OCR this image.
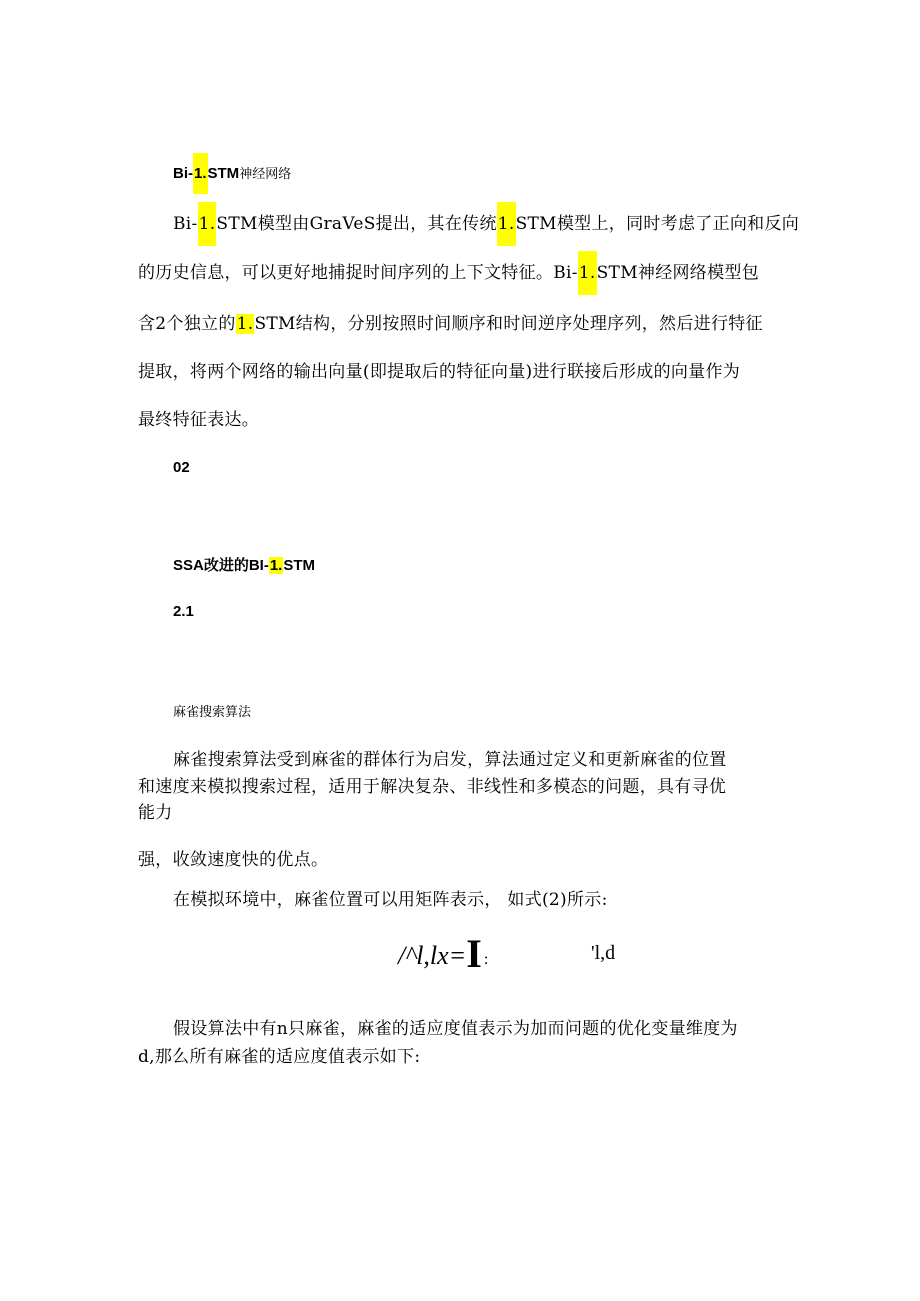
Bi-1.STM神经网络
Bi-1.STM模型由GraVeS提出，其在传统1.STM模型上，同时考虑了正向和反向
的历史信息，可以更好地捕捉时间序列的上下文特征。Bi-1.STM神经网络模型包
含2个独立的1.STM结构，分别按照时间顺序和时间逆序处理序列，然后进行特征
提取，将两个网络的输出向量(即提取后的特征向量)进行联接后形成的向量作为
最终特征表达。
02
SSA改进的BI-1.STM
2.1
麻雀搜索算法
麻雀搜索算法受到麻雀的群体行为启发，算法通过定义和更新麻雀的位置
和速度来模拟搜索过程，适用于解决复杂、非线性和多模态的问题，具有寻优
能力
强，收敛速度快的优点。
在模拟环境中，麻雀位置可以用矩阵表示， 如式(2)所示:
/^l,lx=I :	'l,d
假设算法中有n只麻雀，麻雀的适应度值表示为加而问题的优化变量维度为
d,那么所有麻雀的适应度值表示如下:
